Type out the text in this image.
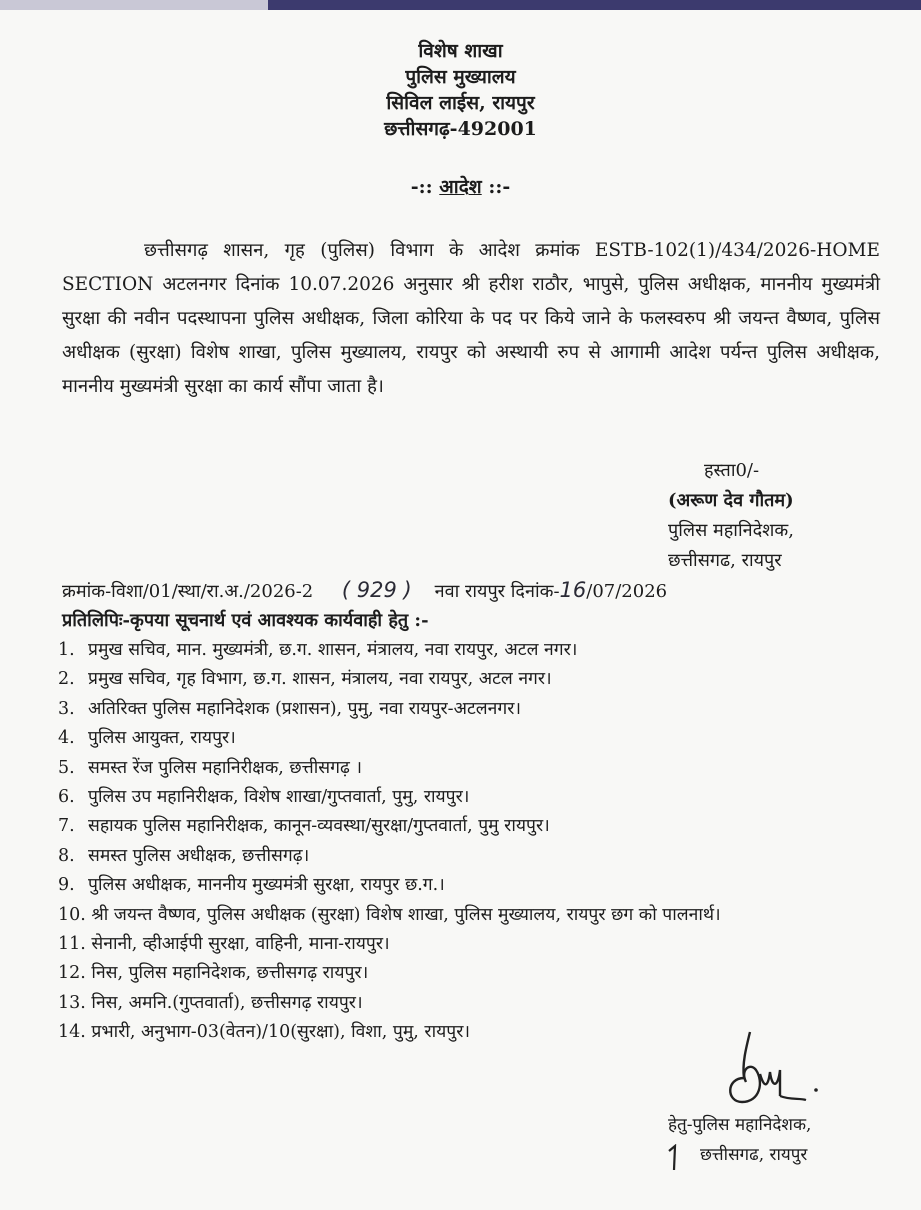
विशेष शाखा
पुलिस मुख्यालय
सिविल लाईस, रायपुर
छत्तीसगढ़-492001
-:: आदेश ::-
छत्तीसगढ़ शासन, गृह (पुलिस) विभाग के आदेश क्रमांक ESTB-102(1)/434/2026-HOME SECTION अटलनगर दिनांक 10.07.2026 अनुसार श्री हरीश राठौर, भापुसे, पुलिस अधीक्षक, माननीय मुख्यमंत्री सुरक्षा की नवीन पदस्थापना पुलिस अधीक्षक, जिला कोरिया के पद पर किये जाने के फलस्वरुप श्री जयन्त वैष्णव, पुलिस अधीक्षक (सुरक्षा) विशेष शाखा, पुलिस मुख्यालय, रायपुर को अस्थायी रुप से आगामी आदेश पर्यन्त पुलिस अधीक्षक, माननीय मुख्यमंत्री सुरक्षा का कार्य सौंपा जाता है।
हस्ता0/-
(अरूण देव गौतम)
पुलिस महानिदेशक,
छत्तीसगढ, रायपुर
क्रमांक-विशा/01/स्था/रा.अ./2026-2 ( 929 ) नवा रायपुर दिनांक-16/07/2026
प्रतिलिपिः-कृपया सूचनार्थ एवं आवश्यक कार्यवाही हेतु :-
1. प्रमुख सचिव, मान. मुख्यमंत्री, छ.ग. शासन, मंत्रालय, नवा रायपुर, अटल नगर।
2. प्रमुख सचिव, गृह विभाग, छ.ग. शासन, मंत्रालय, नवा रायपुर, अटल नगर।
3. अतिरिक्त पुलिस महानिदेशक (प्रशासन), पुमु, नवा रायपुर-अटलनगर।
4. पुलिस आयुक्त, रायपुर।
5. समस्त रेंज पुलिस महानिरीक्षक, छत्तीसगढ़ ।
6. पुलिस उप महानिरीक्षक, विशेष शाखा/गुप्तवार्ता, पुमु, रायपुर।
7. सहायक पुलिस महानिरीक्षक, कानून-व्यवस्था/सुरक्षा/गुप्तवार्ता, पुमु रायपुर।
8. समस्त पुलिस अधीक्षक, छत्तीसगढ़।
9. पुलिस अधीक्षक, माननीय मुख्यमंत्री सुरक्षा, रायपुर छ.ग.।
10. श्री जयन्त वैष्णव, पुलिस अधीक्षक (सुरक्षा) विशेष शाखा, पुलिस मुख्यालय, रायपुर छग को पालनार्थ।
11. सेनानी, व्हीआईपी सुरक्षा, वाहिनी, माना-रायपुर।
12. निस, पुलिस महानिदेशक, छत्तीसगढ़ रायपुर।
13. निस, अमनि.(गुप्तवार्ता), छत्तीसगढ़ रायपुर।
14. प्रभारी, अनुभाग-03(वेतन)/10(सुरक्षा), विशा, पुमु, रायपुर।
हेतु-पुलिस महानिदेशक,
छत्तीसगढ, रायपुर
